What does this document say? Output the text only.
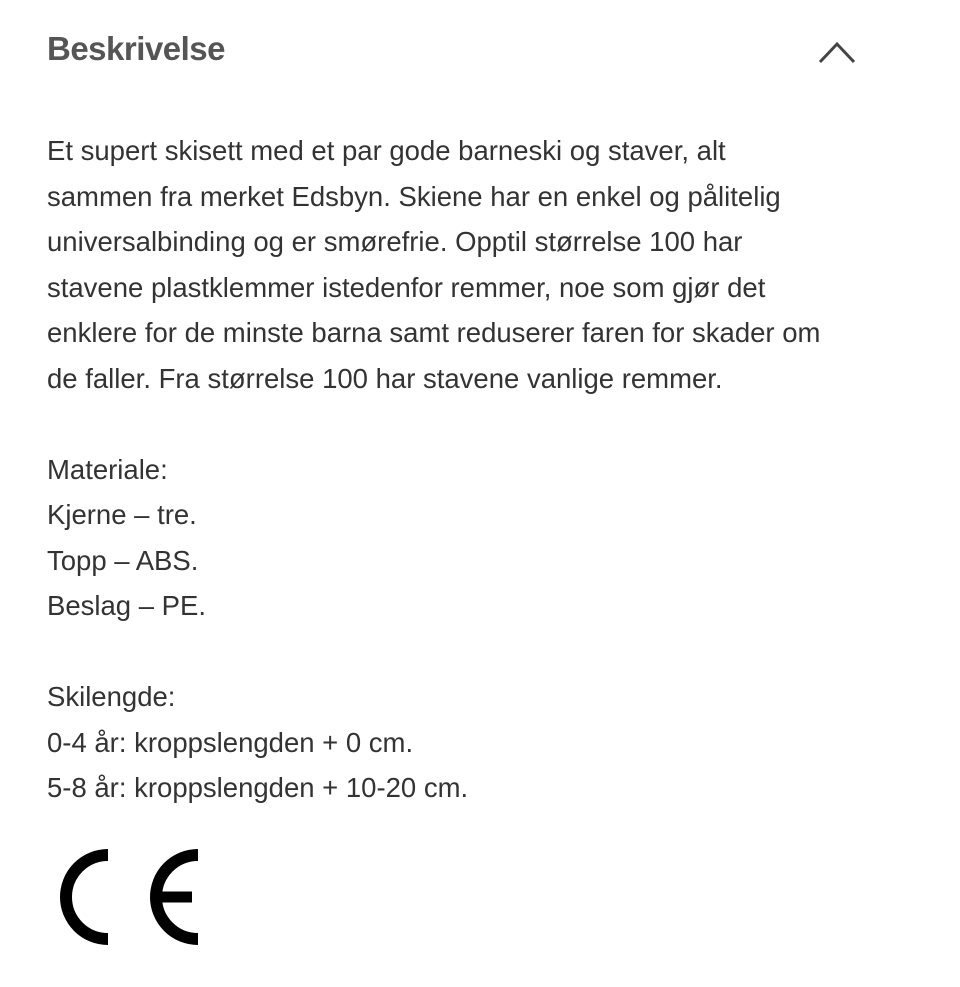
Beskrivelse

Et supert skisett med et par gode barneski og staver, alt

sammen fra merket Edsbyn. Skiene har en enkel og pålitelig

universalbinding og er smørefrie. Opptil størrelse 100 har

stavene plastklemmer istedenfor remmer, noe som gjør det

enklere for de minste barna samt reduserer faren for skader om

de faller. Fra størrelse 100 har stavene vanlige remmer.

Materiale:

Kjerne – tre.

Topp – ABS.

Beslag – PE.

Skilengde:

0-4 år: kroppslengden + 0 cm.

5-8 år: kroppslengden + 10-20 cm.
